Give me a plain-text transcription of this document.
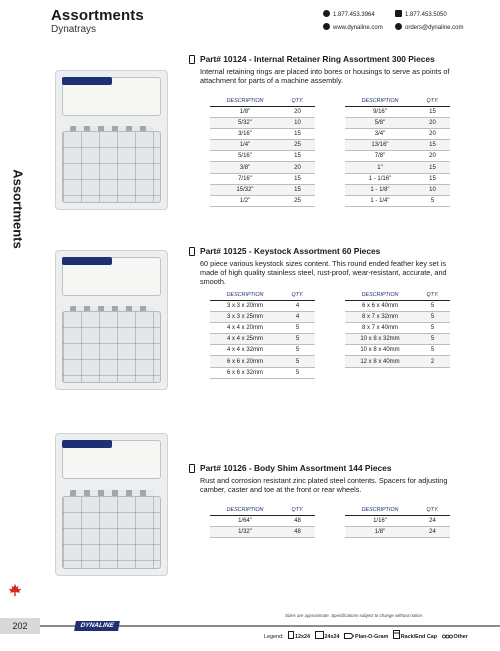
Assortments
Dynatrays
1.877.453.3964	1.877.453.5050
www.dynaline.com	orders@dynaline.com
Assortments
Part# 10124 - Internal Retainer Ring Assortment 300 Pieces
Internal retaining rings are placed into bores or housings to serve as points of attachment for parts of a machine assembly.
DESCRIPTION	QTY.
1/8"	20
5/32"	10
3/16"	15
1/4"	25
5/16"	15
3/8"	20
7/16"	15
15/32"	15
1/2"	25
DESCRIPTION	QTY.
9/16"	15
5/8"	20
3/4"	20
13/16"	15
7/8"	20
1"	15
1 - 1/16"	15
1 - 1/8"	10
1 - 1/4"	5
Part# 10125 - Keystock Assortment 60 Pieces
60 piece various keystock sizes content. This round ended feather key set is made of high quality stainless steel, rust-proof, wear-resistant, accurate, and smooth.
DESCRIPTION	QTY.
3 x 3 x 20mm	4
3 x 3 x 25mm	4
4 x 4 x 20mm	5
4 x 4 x 25mm	5
4 x 4 x 32mm	5
6 x 6 x 20mm	5
6 x 6 x 32mm	5
DESCRIPTION	QTY.
6 x 6 x 40mm	5
8 x 7 x 32mm	5
8 x 7 x 40mm	5
10 x 8 x 32mm	5
10 x 8 x 40mm	5
12 x 8 x 40mm	2
Part# 10126 - Body Shim Assortment 144 Pieces
Rust and corrosion resistant zinc plated steel contents. Spacers for adjusting camber, caster and toe at the front or rear wheels.
DESCRIPTION	QTY.
1/64"	48
1/32"	48
DESCRIPTION	QTY.
1/16"	24
1/8"	24
Sizes are approximate. Specifications subject to change without notice.
202	DYNALINE
Legend: 12x24	24x24	Plan-O-Gram Rack/End Cap	Other
